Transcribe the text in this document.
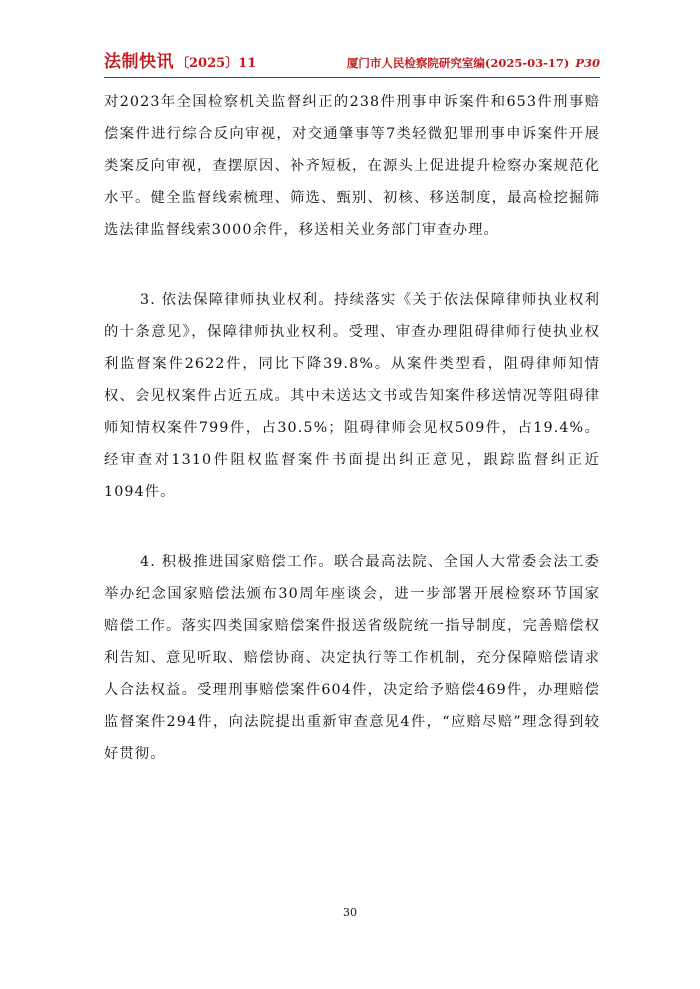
法制快讯 〔2025〕11	厦门市人民检察院研究室编(2025-03-17) P30

对2023年全国检察机关监督纠正的238件刑事申诉案件和653件刑事赔偿案件进行综合反向审视，对交通肇事等7类轻微犯罪刑事申诉案件开展类案反向审视，查摆原因、补齐短板，在源头上促进提升检察办案规范化水平。健全监督线索梳理、筛选、甄别、初核、移送制度，最高检挖掘筛选法律监督线索3000余件，移送相关业务部门审查办理。

3. 依法保障律师执业权利。持续落实《关于依法保障律师执业权利的十条意见》，保障律师执业权利。受理、审查办理阻碍律师行使执业权利监督案件2622件，同比下降39.8%。从案件类型看，阻碍律师知情权、会见权案件占近五成。其中未送达文书或告知案件移送情况等阻碍律师知情权案件799件，占30.5%；阻碍律师会见权509件，占19.4%。经审查对1310件阻权监督案件书面提出纠正意见，跟踪监督纠正近1094件。

4. 积极推进国家赔偿工作。联合最高法院、全国人大常委会法工委举办纪念国家赔偿法颁布30周年座谈会，进一步部署开展检察环节国家赔偿工作。落实四类国家赔偿案件报送省级院统一指导制度，完善赔偿权利告知、意见听取、赔偿协商、决定执行等工作机制，充分保障赔偿请求人合法权益。受理刑事赔偿案件604件，决定给予赔偿469件，办理赔偿监督案件294件，向法院提出重新审查意见4件，“应赔尽赔”理念得到较好贯彻。

30
